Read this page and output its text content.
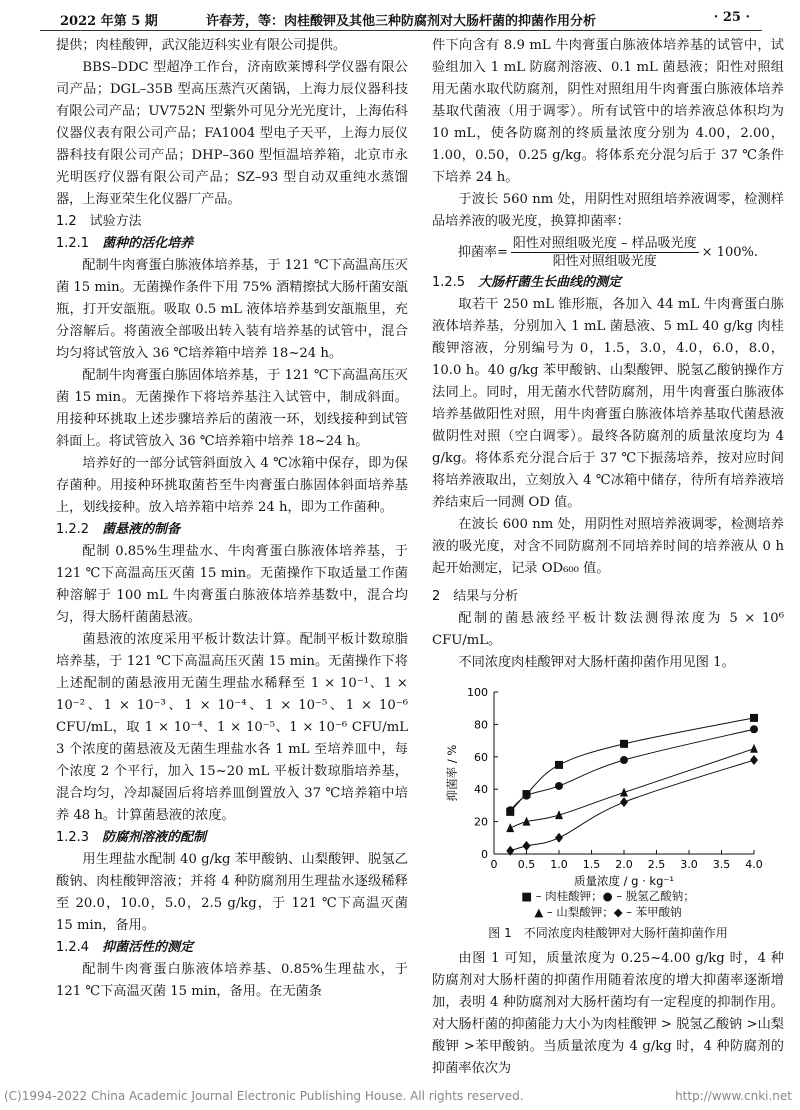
2022 年第 5 期	许春芳，等：肉桂酸钾及其他三种防腐剂对大肠杆菌的抑菌作用分析	· 25 ·

提供；肉桂酸钾，武汉能迈科实业有限公司提供。

BBS–DDC 型超净工作台，济南欧莱博科学仪器有限公司产品；DGL–35B 型高压蒸汽灭菌锅，上海力辰仪器科技有限公司产品；UV752N 型紫外可见分光光度计，上海佑科仪器仪表有限公司产品；FA1004 型电子天平，上海力辰仪器科技有限公司产品；DHP–360 型恒温培养箱，北京市永光明医疗仪器有限公司产品；SZ–93 型自动双重纯水蒸馏器，上海亚荣生化仪器厂产品。

1.2　试验方法
1.2.1　菌种的活化培养

配制牛肉膏蛋白胨液体培养基，于 121 ℃下高温高压灭菌 15 min。无菌操作条件下用 75% 酒精擦拭大肠杆菌安瓿瓶，打开安瓿瓶。吸取 0.5 mL 液体培养基到安瓿瓶里，充分溶解后。将菌液全部吸出转入装有培养基的试管中，混合均匀将试管放入 36 ℃培养箱中培养 18~24 h。

配制牛肉膏蛋白胨固体培养基，于 121 ℃下高温高压灭菌 15 min。无菌操作下将培养基注入试管中，制成斜面。用接种环挑取上述步骤培养后的菌液一环，划线接种到试管斜面上。将试管放入 36 ℃培养箱中培养 18~24 h。

培养好的一部分试管斜面放入 4 ℃冰箱中保存，即为保存菌种。用接种环挑取菌苔至牛肉膏蛋白胨固体斜面培养基上，划线接种。放入培养箱中培养 24 h，即为工作菌种。

1.2.2　菌悬液的制备

配制 0.85%生理盐水、牛肉膏蛋白胨液体培养基，于 121 ℃下高温高压灭菌 15 min。无菌操作下取适量工作菌种溶解于 100 mL 牛肉膏蛋白胨液体培养基数中，混合均匀，得大肠杆菌菌悬液。

菌悬液的浓度采用平板计数法计算。配制平板计数琼脂培养基，于 121 ℃下高温高压灭菌 15 min。无菌操作下将上述配制的菌悬液用无菌生理盐水稀释至 1 × 10⁻¹、1 × 10⁻²、1 × 10⁻³、1 × 10⁻⁴、1 × 10⁻⁵、1 × 10⁻⁶ CFU/mL，取 1 × 10⁻⁴、1 × 10⁻⁵、1 × 10⁻⁶ CFU/mL 3 个浓度的菌悬液及无菌生理盐水各 1 mL 至培养皿中，每个浓度 2 个平行，加入 15~20 mL 平板计数琼脂培养基，混合均匀，冷却凝固后将培养皿倒置放入 37 ℃培养箱中培养 48 h。计算菌悬液的浓度。

1.2.3　防腐剂溶液的配制

用生理盐水配制 40 g/kg 苯甲酸钠、山梨酸钾、脱氢乙酸钠、肉桂酸钾溶液；并将 4 种防腐剂用生理盐水逐级稀释至 20.0，10.0，5.0，2.5 g/kg，于 121 ℃下高温灭菌 15 min，备用。

1.2.4　抑菌活性的测定

配制牛肉膏蛋白胨液体培养基、0.85%生理盐水，于 121 ℃下高温灭菌 15 min，备用。在无菌条

件下向含有 8.9 mL 牛肉膏蛋白胨液体培养基的试管中，试验组加入 1 mL 防腐剂溶液、0.1 mL 菌悬液；阳性对照组用无菌水取代防腐剂，阴性对照组用牛肉膏蛋白胨液体培养基取代菌液（用于调零）。所有试管中的培养液总体积均为 10 mL，使各防腐剂的终质量浓度分别为 4.00，2.00，1.00，0.50，0.25 g/kg。将体系充分混匀后于 37 ℃条件下培养 24 h。

于波长 560 nm 处，用阴性对照组培养液调零，检测样品培养液的吸光度，换算抑菌率：

抑菌率= $\frac{\text{阳性对照组吸光度 – 样品吸光度}}{\text{阳性对照组吸光度}} \times 100\%$.
1.2.5　大肠杆菌生长曲线的测定

取若干 250 mL 锥形瓶，各加入 44 mL 牛肉膏蛋白胨液体培养基，分别加入 1 mL 菌悬液、5 mL 40 g/kg 肉桂酸钾溶液，分别编号为 0，1.5，3.0，4.0，6.0，8.0，10.0 h。40 g/kg 苯甲酸钠、山梨酸钾、脱氢乙酸钠操作方法同上。同时，用无菌水代替防腐剂，用牛肉膏蛋白胨液体培养基做阳性对照，用牛肉膏蛋白胨液体培养基取代菌悬液做阴性对照（空白调零）。最终各防腐剂的质量浓度均为 4 g/kg。将体系充分混合后于 37 ℃下振荡培养，按对应时间将培养液取出，立刻放入 4 ℃冰箱中储存，待所有培养液培养结束后一同测 OD 值。

在波长 600 nm 处，用阴性对照培养液调零，检测培养液的吸光度，对含不同防腐剂不同培养时间的培养液从 0 h 起开始测定，记录 OD₆₀₀ 值。

2　结果与分析

配制的菌悬液经平板计数法测得浓度为 5 × 10⁶ CFU/mL。

不同浓度肉桂酸钾对大肠杆菌抑菌作用见图 1。

0
20
40
60
80
100
0 0.5 1.0 1.5 2.0 2.5 3.0 3.5 4.0
质量浓度 / g · kg⁻¹
抑菌率 / %
■ – 肉桂酸钾；● – 脱氢乙酸钠；
▲ – 山梨酸钾；◆ – 苯甲酸钠
图 1　不同浓度肉桂酸钾对大肠杆菌抑菌作用

由图 1 可知，质量浓度为 0.25~4.00 g/kg 时，4 种防腐剂对大肠杆菌的抑菌作用随着浓度的增大抑菌率逐渐增加，表明 4 种防腐剂对大肠杆菌均有一定程度的抑制作用。对大肠杆菌的抑菌能力大小为肉桂酸钾 > 脱氢乙酸钠 >山梨酸钾 >苯甲酸钠。当质量浓度为 4 g/kg 时，4 种防腐剂的抑菌率依次为

(C)1994-2022 China Academic Journal Electronic Publishing House. All rights reserved.	http://www.cnki.net
